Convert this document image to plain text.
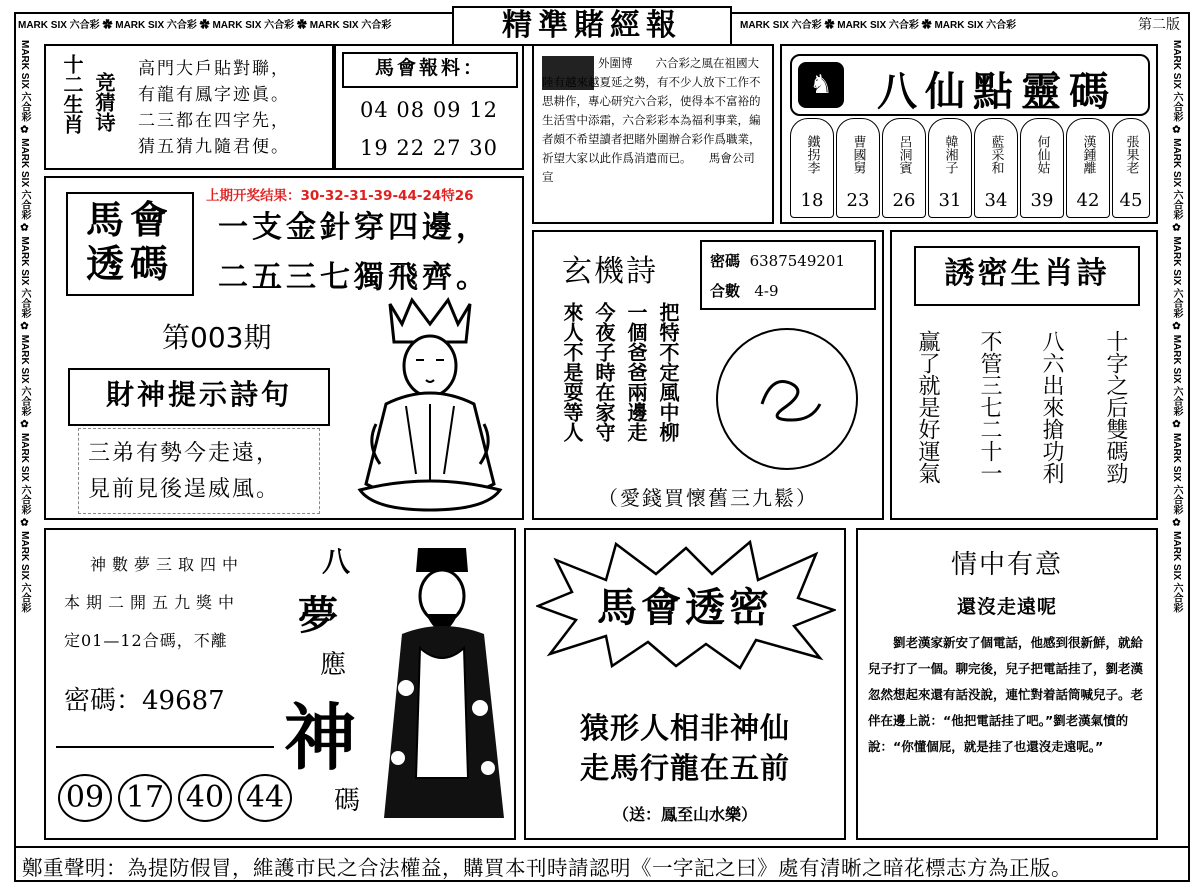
MARK SIX 六合彩 ✿ MARK SIX 六合彩 ✿ MARK SIX 六合彩 ✿ MARK SIX 六合彩	精準賭經報	MARK SIX 六合彩 ✿ MARK SIX 六合彩 ✿ MARK SIX 六合彩	第二版
MARK SIX 六合彩 ✿ MARK SIX 六合彩 ✿ MARK SIX 六合彩 ✿ MARK SIX 六合彩 ✿ MARK SIX 六合彩 ✿ MARK SIX 六合彩
MARK SIX 六合彩 ✿ MARK SIX 六合彩 ✿ MARK SIX 六合彩 ✿ MARK SIX 六合彩 ✿ MARK SIX 六合彩 ✿ MARK SIX 六合彩
十二生肖 竞猜诗
高門大戶貼對聯，
有龍有鳳字迹眞。
二三都在四字先，
猜五猜九隨君便。
馬會報料：
04 08 09 12
19 22 27 30
外圍博　　六合彩之風在祖國大陸有越來越夏延之勢，有不少人放下工作不思耕作，專心研究六合彩，使得本不富裕的生活雪中添霜，六合彩彩本為福利事業，編者頗不希望讀者把賭外圍辦合彩作爲職業，祈望大家以此作爲消遣而已。　　馬會公司宣
♞	八仙點靈碼
鐵拐李
18
曹國舅
23
呂洞賓
26
韓湘子
31
藍采和
34
何仙姑
39
漢鍾離
42
張果老
45
上期开奖结果：30-32-31-39-44-24特26
馬會
透碼
一支金針穿四邊，
二五三七獨飛齊。
第003期
財神提示詩句
三弟有勢今走遠，
見前見後逞威風。
玄機詩	密碼 6387549201
合數 4-9
把特不定風中柳
一個爸爸兩邊走
今夜子時在家守
來人不是耍等人
（愛錢買懷舊三九鬆）
誘密生肖詩
十字之后雙碼勁
八六出來搶功利
不管三七二十一
赢了就是好運氣
神數夢三取四中
本期二開五九獎中
定01—12合碼，不離
密碼：49687
09 17 40 44
八
夢
應
神
碼
馬會透密
猿形人相非神仙
走馬行龍在五前
（送：鳳至山水樂）
情中有意
還沒走遠呢
　　劉老漢家新安了個電話，他感到很新鮮，就給兒子打了一個。聊完後，兒子把電話挂了，劉老漢忽然想起來還有話没說，連忙對着話筒喊兒子。老伴在邊上説：“他把電話挂了吧。”劉老漢氣憤的說：“你懂個屁，就是挂了也還沒走遠呢。”
鄭重聲明：為提防假冒，維護市民之合法權益，購買本刊時請認明《一字記之曰》處有清晰之暗花標志方為正版。
